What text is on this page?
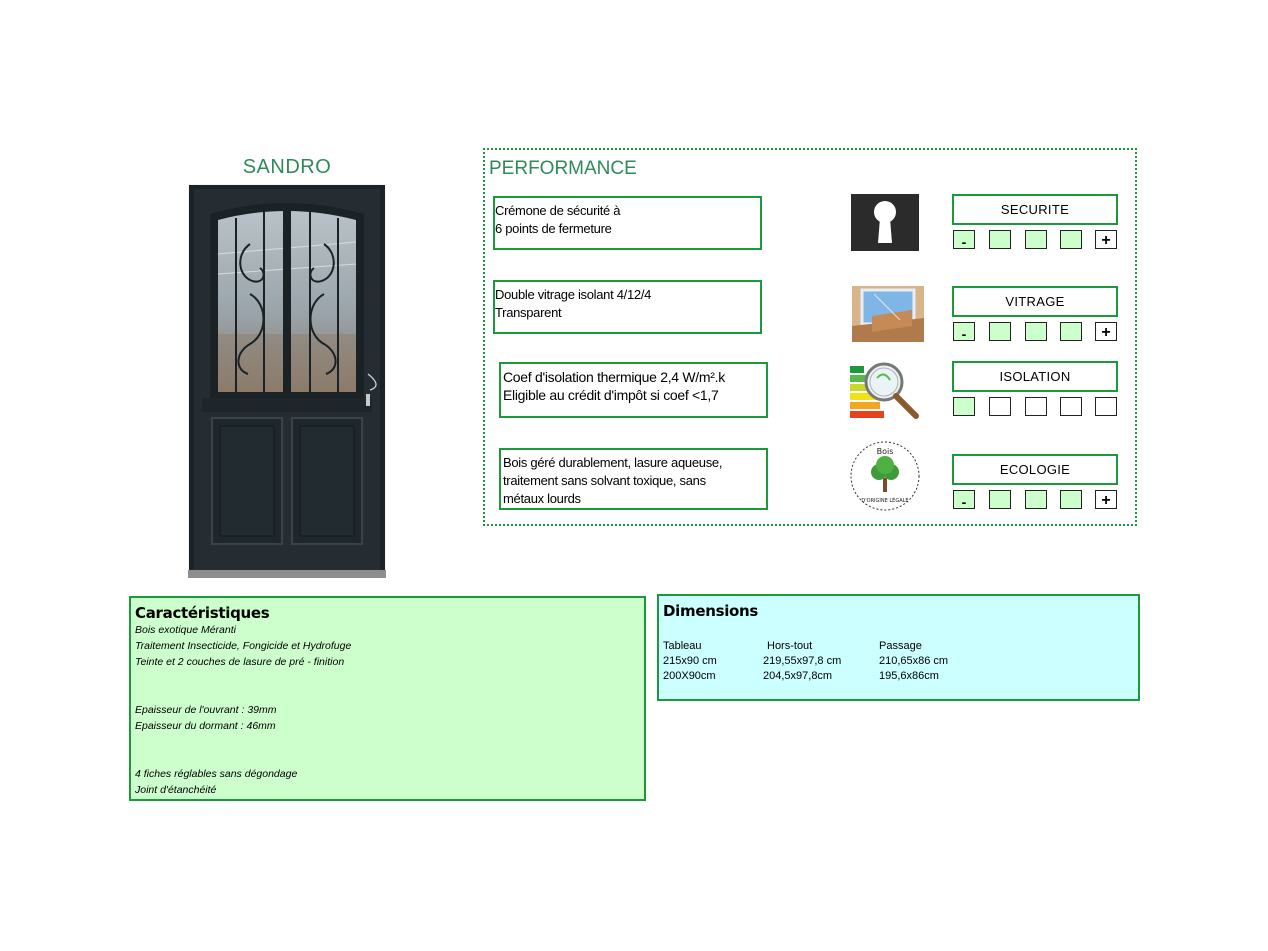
SANDRO	PERFORMANCE
Crémone de sécurité à
6 points de fermeture
SECURITE
-	+
Double vitrage isolant 4/12/4
Transparent
VITRAGE
-	+
Coef d'isolation thermique 2,4 W/m².k
Eligible au crédit d'impôt si coef <1,7
ISOLATION
Bois géré durablement, lasure aqueuse,
traitement sans solvant toxique, sans
métaux lourds
Bois
D'ORIGINE LÉGALE
ECOLOGIE
-	+
Caractéristiques
Bois exotique Méranti
Traitement Insecticide, Fongicide et Hydrofuge
Teinte et 2 couches de lasure de pré - finition
Epaisseur de l'ouvrant : 39mm
Epaisseur du dormant : 46mm
4 fiches réglables sans dégondage
Joint d'étanchéité
Dimensions
Tableau	Hors-tout	Passage
215x90 cm	219,55x97,8 cm	210,65x86 cm
200X90cm	204,5x97,8cm	195,6x86cm
